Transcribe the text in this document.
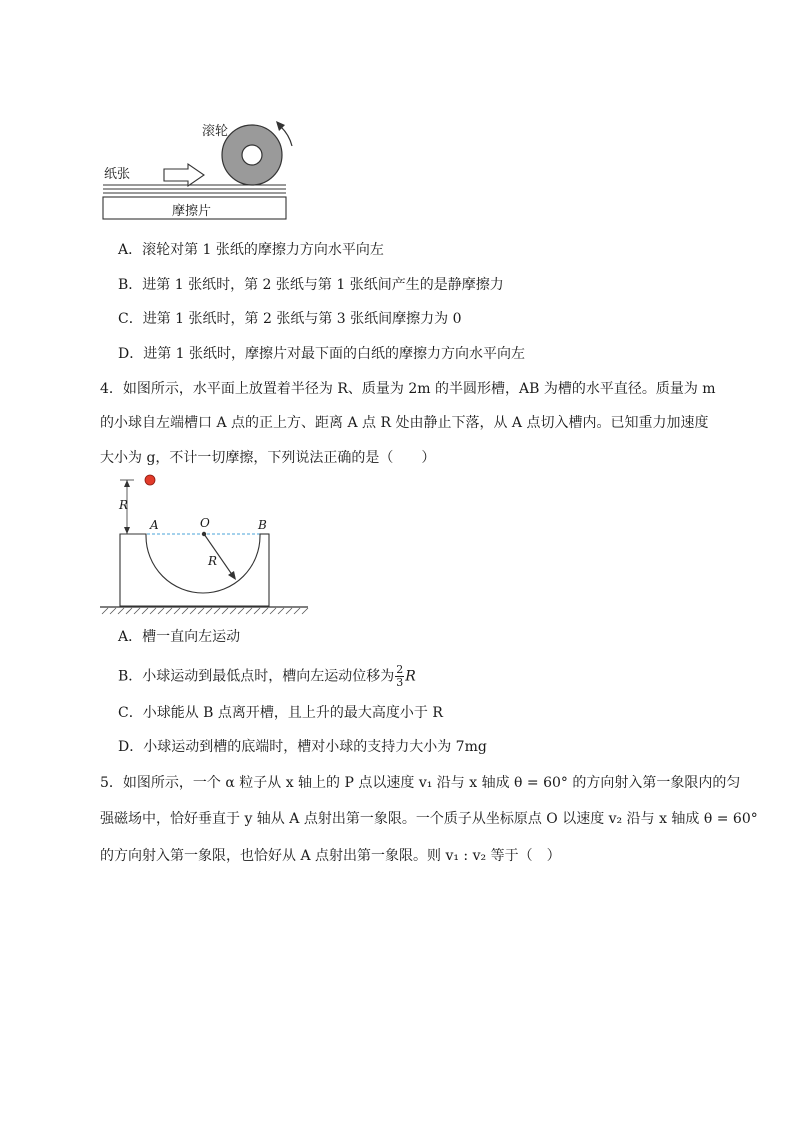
滚轮
纸张
摩擦片
A．滚轮对第 1 张纸的摩擦力方向水平向左
B．进第 1 张纸时，第 2 张纸与第 1 张纸间产生的是静摩擦力
C．进第 1 张纸时，第 2 张纸与第 3 张纸间摩擦力为 0
D．进第 1 张纸时，摩擦片对最下面的白纸的摩擦力方向水平向左
4．如图所示，水平面上放置着半径为 R、质量为 2m 的半圆形槽，AB 为槽的水平直径。质量为 m
的小球自左端槽口 A 点的正上方、距离 A 点 R 处由静止下落，从 A 点切入槽内。已知重力加速度
大小为 g，不计一切摩擦，下列说法正确的是（　　）
R
A	O	B
R
A．槽一直向左运动
B．小球运动到最低点时，槽向左运动位移为 $\frac{2}{3}$ R
C．小球能从 B 点离开槽，且上升的最大高度小于 R
D．小球运动到槽的底端时，槽对小球的支持力大小为 7mg
5．如图所示，一个 α 粒子从 x 轴上的 P 点以速度 v₁ 沿与 x 轴成 θ = 60° 的方向射入第一象限内的匀
强磁场中，恰好垂直于 y 轴从 A 点射出第一象限。一个质子从坐标原点 O 以速度 v₂ 沿与 x 轴成 θ = 60°
的方向射入第一象限，也恰好从 A 点射出第一象限。则 v₁ : v₂ 等于（　）
